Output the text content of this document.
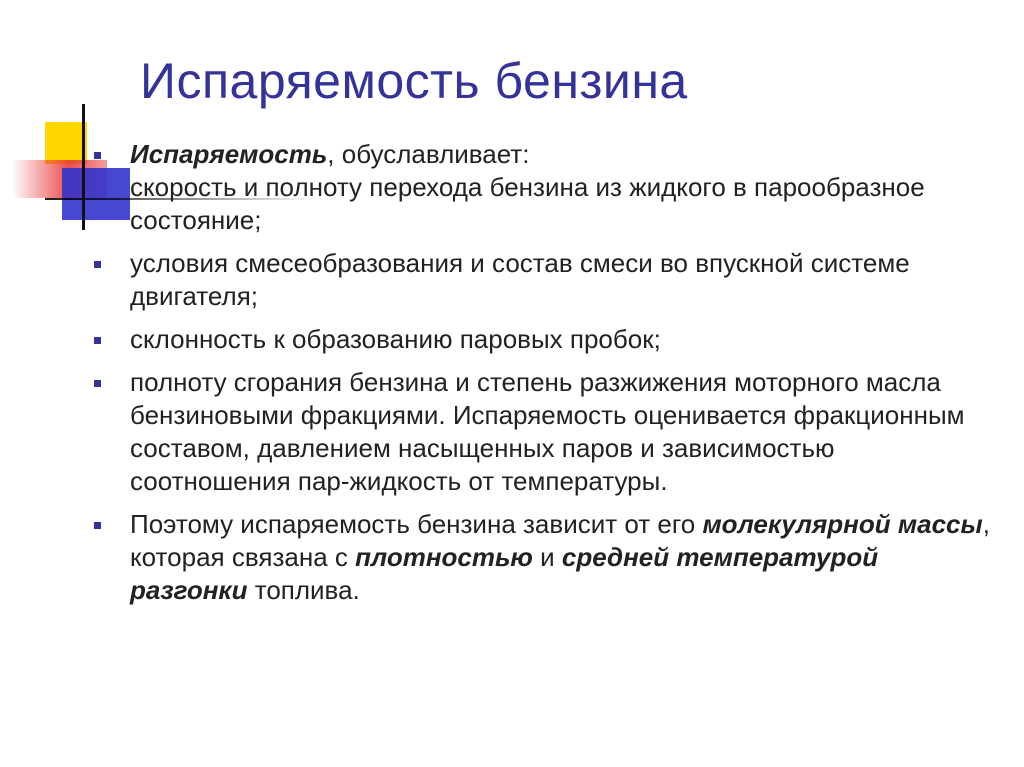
Испаряемость бензина
Испаряемость, обуславливает:
скорость и полноту перехода бензина из жидкого в парообразное состояние;
условия смесеобразования и состав смеси во впускной системе двигателя;
склонность к образованию паровых пробок;
полноту сгорания бензина и степень разжижения моторного масла бензиновыми фракциями. Испаряемость оценивается фракционным составом, давлением насыщенных паров и зависимостью соотношения пар-жидкость от температуры.
Поэтому испаряемость бензина зависит от его молекулярной массы, которая связана с плотностью и средней температурой разгонки топлива.
